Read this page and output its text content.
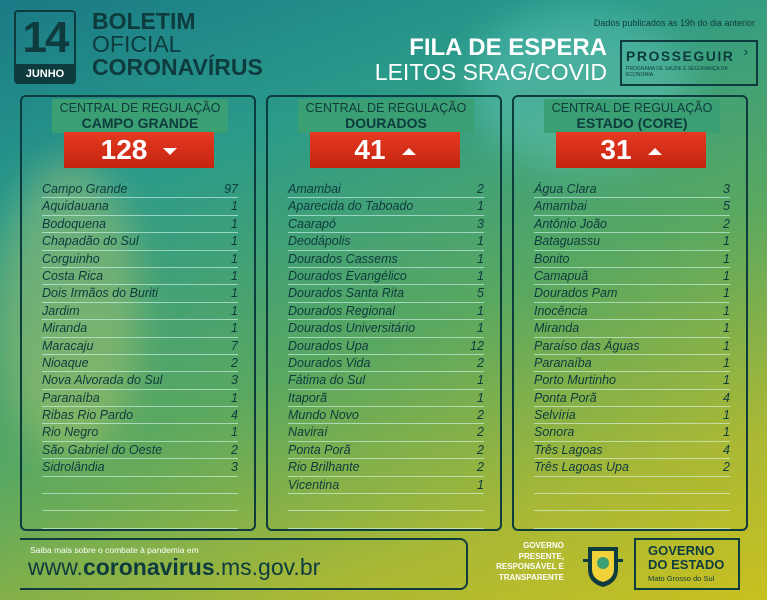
14
JUNHO
BOLETIM
OFICIAL
CORONAVÍRUS
Dados publicados as 19h do dia anterior
FILA DE ESPERA
LEITOS SRAG/COVID
PROSSEGUIR
PROGRAMA DE SAÚDE E SEGURANÇA DA ECONOMIA
›
CENTRAL DE REGULAÇÃO
CAMPO GRANDE
128
Campo Grande	97
Aquidauana	1
Bodoquena	1
Chapadão do Sul	1
Corguinho	1
Costa Rica	1
Dois Irmãos do Buriti	1
Jardim	1
Miranda	1
Maracaju	7
Nioaque	2
Nova Alvorada do Sul	3
Paranaíba	1
Ribas Rio Pardo	4
Rio Negro	1
São Gabriel do Oeste	2
Sidrolândia	3
CENTRAL DE REGULAÇÃO
DOURADOS
41
Amambai	2
Aparecida do Taboado	1
Caarapó	3
Deodápolis	1
Dourados Cassems	1
Dourados Evangélico	1
Dourados Santa Rita	5
Dourados Regional	1
Dourados Universitário	1
Dourados Upa	12
Dourados Vida	2
Fátima do Sul	1
Itaporã	1
Mundo Novo	2
Naviraí	2
Ponta Porã	2
Rio Brilhante	2
Vicentina	1
CENTRAL DE REGULAÇÃO
ESTADO (CORE)
31
Água Clara	3
Amambai	5
Antônio João	2
Bataguassu	1
Bonito	1
Camapuã	1
Dourados Pam	1
Inocência	1
Miranda	1
Paraíso das Águas	1
Paranaíba	1
Porto Murtinho	1
Ponta Porã	4
Selvíria	1
Sonora	1
Três Lagoas	4
Três Lagoas Upa	2
Saiba mais sobre o combate à pandemia em
www.coronavirus.ms.gov.br
GOVERNO
PRESENTE,
RESPONSÁVEL E
TRANSPARENTE
GOVERNO
DO ESTADO
Mato Grosso do Sul
